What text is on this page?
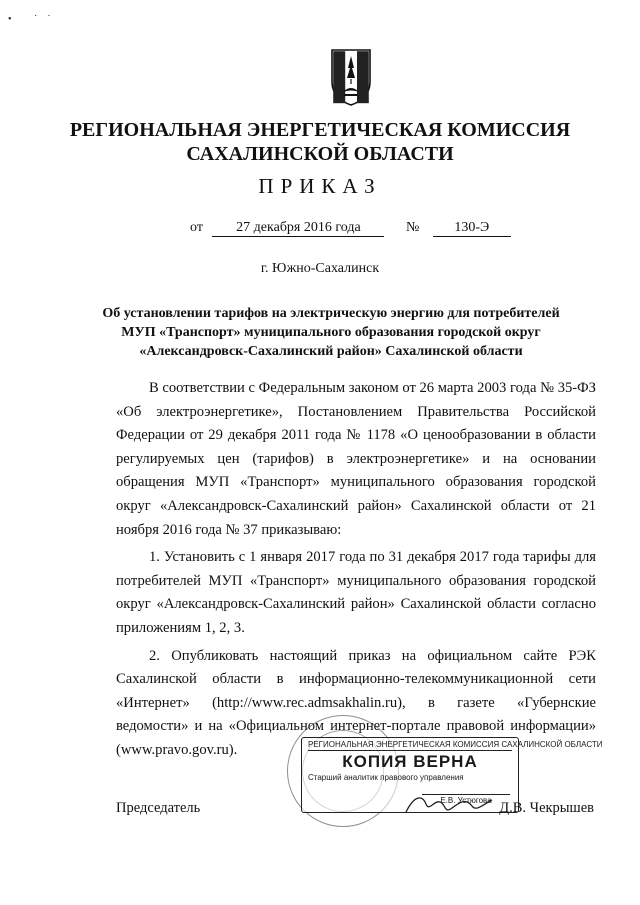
• ˙˙
РЕГИОНАЛЬНАЯ ЭНЕРГЕТИЧЕСКАЯ КОМИССИЯ
САХАЛИНСКОЙ ОБЛАСТИ
ПРИКАЗ
от 27 декабря 2016 года	№	130-Э
г. Южно-Сахалинск
Об установлении тарифов на электрическую энергию для потребителей
МУП «Транспорт» муниципального образования городской округ
«Александровск-Сахалинский район» Сахалинской области

В соответствии с Федеральным законом от 26 марта 2003 года № 35-ФЗ «Об электроэнергетике», Постановлением Правительства Российской Федерации от 29 декабря 2011 года № 1178 «О ценообразовании в области регулируемых цен (тарифов) в электроэнергетике» и на основании обращения МУП «Транспорт» муниципального образования городской округ «Александровск-Сахалинский район» Сахалинской области от 21 ноября 2016 года № 37 приказываю:

1. Установить с 1 января 2017 года по 31 декабря 2017 года тарифы для потребителей МУП «Транспорт» муниципального образования городской округ «Александровск-Сахалинский район» Сахалинской области согласно приложениям 1, 2, 3.

2. Опубликовать настоящий приказ на официальном сайте РЭК Сахалинской области в информационно-телекоммуникационной сети «Интернет» (http://www.rec.admsakhalin.ru), в газете «Губернские ведомости» и на «Официальном интернет-портале правовой информации» (www.pravo.gov.ru).	РЕГИОНАЛЬНАЯ ЭНЕРГЕТИЧЕСКАЯ КОМИССИЯ САХАЛИНСКОЙ ОБЛАСТИ
КОПИЯ ВЕРНА
Старший аналитик правового управления
Е.В. Устюгова
Председатель	Д.В. Чекрышев
